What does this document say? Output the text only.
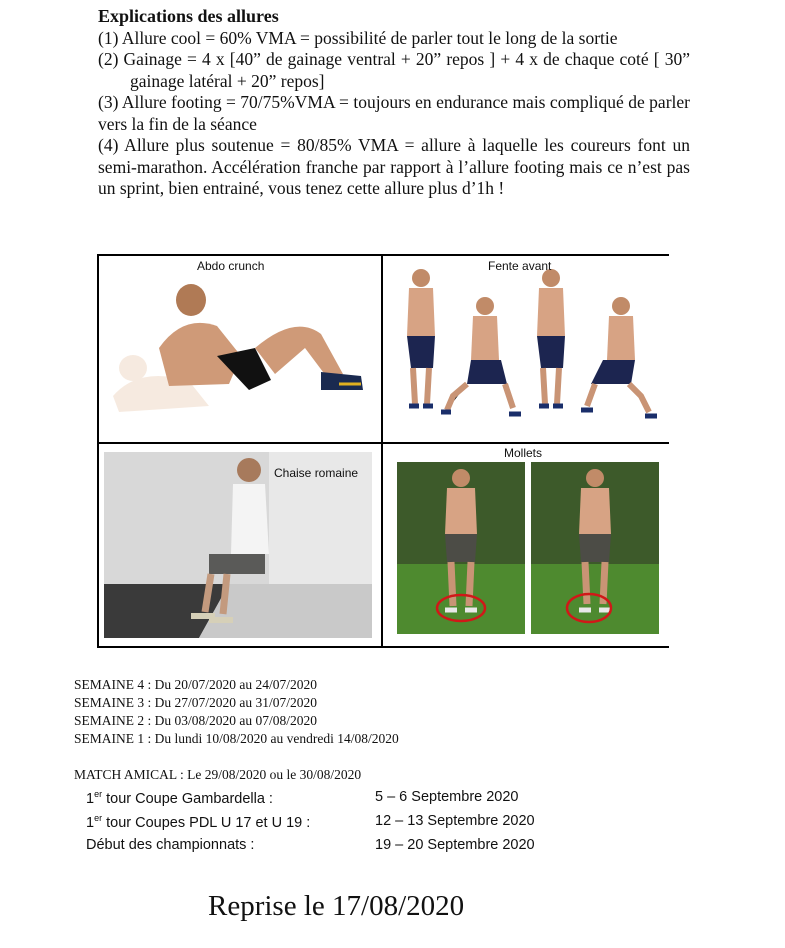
Explications des allures

(1) Allure cool = 60% VMA = possibilité de parler tout le long de la sortie

(2) Gainage = 4 x [40” de gainage ventral + 20” repos ] + 4 x de chaque coté [ 30” gainage latéral + 20” repos]

(3) Allure footing = 70/75%VMA = toujours en endurance mais compliqué de parler vers la fin de la séance

(4) Allure plus soutenue = 80/85% VMA = allure à laquelle les coureurs font un semi-marathon. Accélération franche par rapport à l’allure footing mais ce n’est pas un sprint, bien entrainé, vous tenez cette allure plus d’1h !

Abdo crunch	Fente avant
Chaise romaine
Mollets
SEMAINE 4 : Du 20/07/2020 au 24/07/2020
SEMAINE 3 : Du 27/07/2020 au 31/07/2020
SEMAINE 2 : Du 03/08/2020 au 07/08/2020
SEMAINE 1 : Du lundi 10/08/2020 au vendredi 14/08/2020
MATCH AMICAL : Le 29/08/2020 ou le 30/08/2020
1er tour Coupe Gambardella :	5 – 6 Septembre 2020
1er tour Coupes PDL U 17 et U 19 :	12 – 13 Septembre 2020
Début des championnats :	19 – 20 Septembre 2020
Reprise le 17/08/2020
